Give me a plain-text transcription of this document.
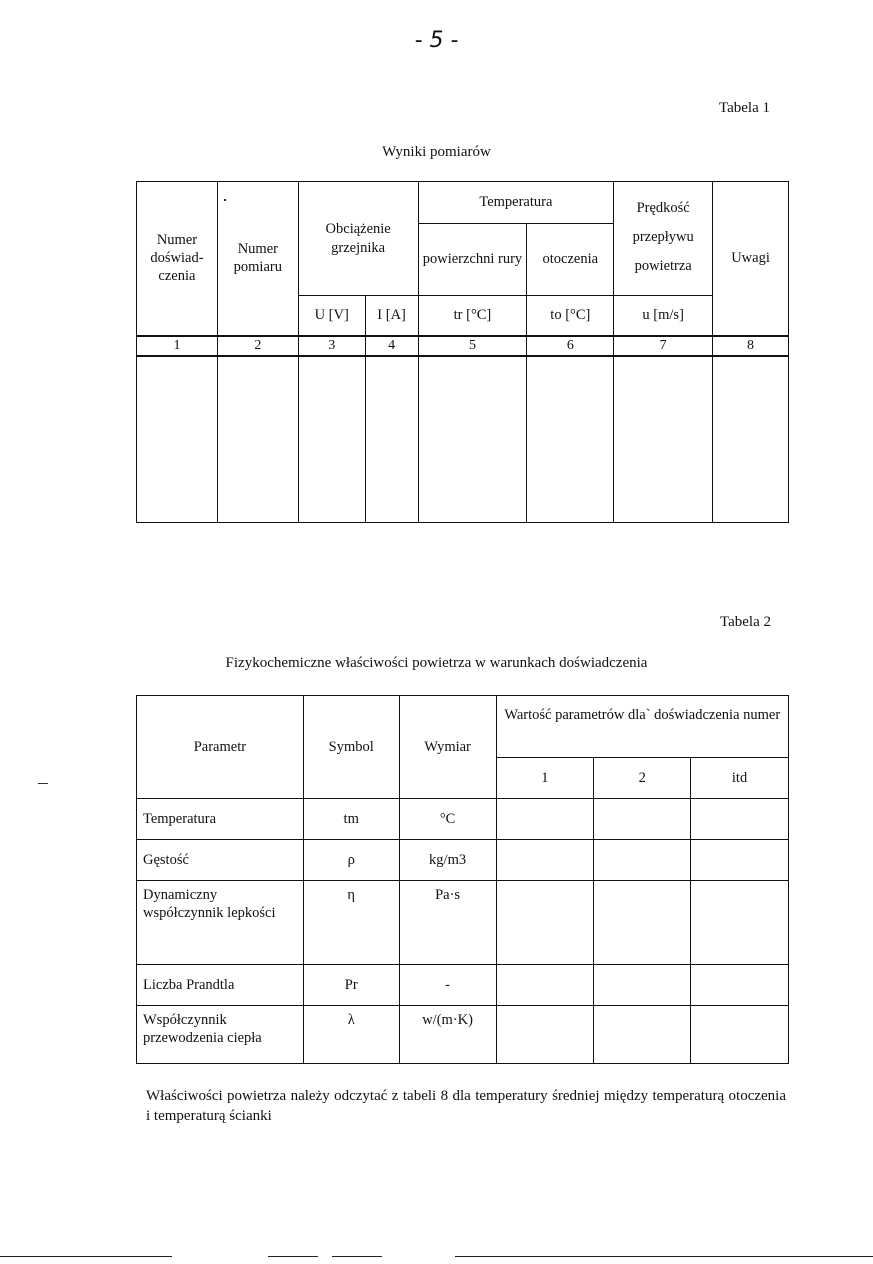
- 5 -
Tabela 1
Wyniki pomiarów
Numer doświad- czenia	Numer pomiaru	Obciążenie grzejnika		Temperatura		Prędkość przepływu powietrza	Uwagi
				powierzchni rury	otoczenia		
		U [V]	I [A]	tr [°C]	to [°C]	u [m/s]	
1	2	3	4	5	6	7	8

Tabela 2
Fizykochemiczne właściwości powietrza w warunkach doświadczenia
Parametr	Symbol	Wymiar	Wartość parametrów dla` doświadczenia numer		
			1	2	itd
Temperatura	tm	°C			
Gęstość	ρ	kg/m3			
Dynamiczny współczynnik lepkości	η	Pa·s			
Liczba Prandtla	Pr	-			
Współczynnik przewodzenia ciepła	λ	w/(m·K)			
Właściwości powietrza należy odczytać z tabeli 8 dla temperatury średniej między temperaturą otoczenia i temperaturą ścianki
